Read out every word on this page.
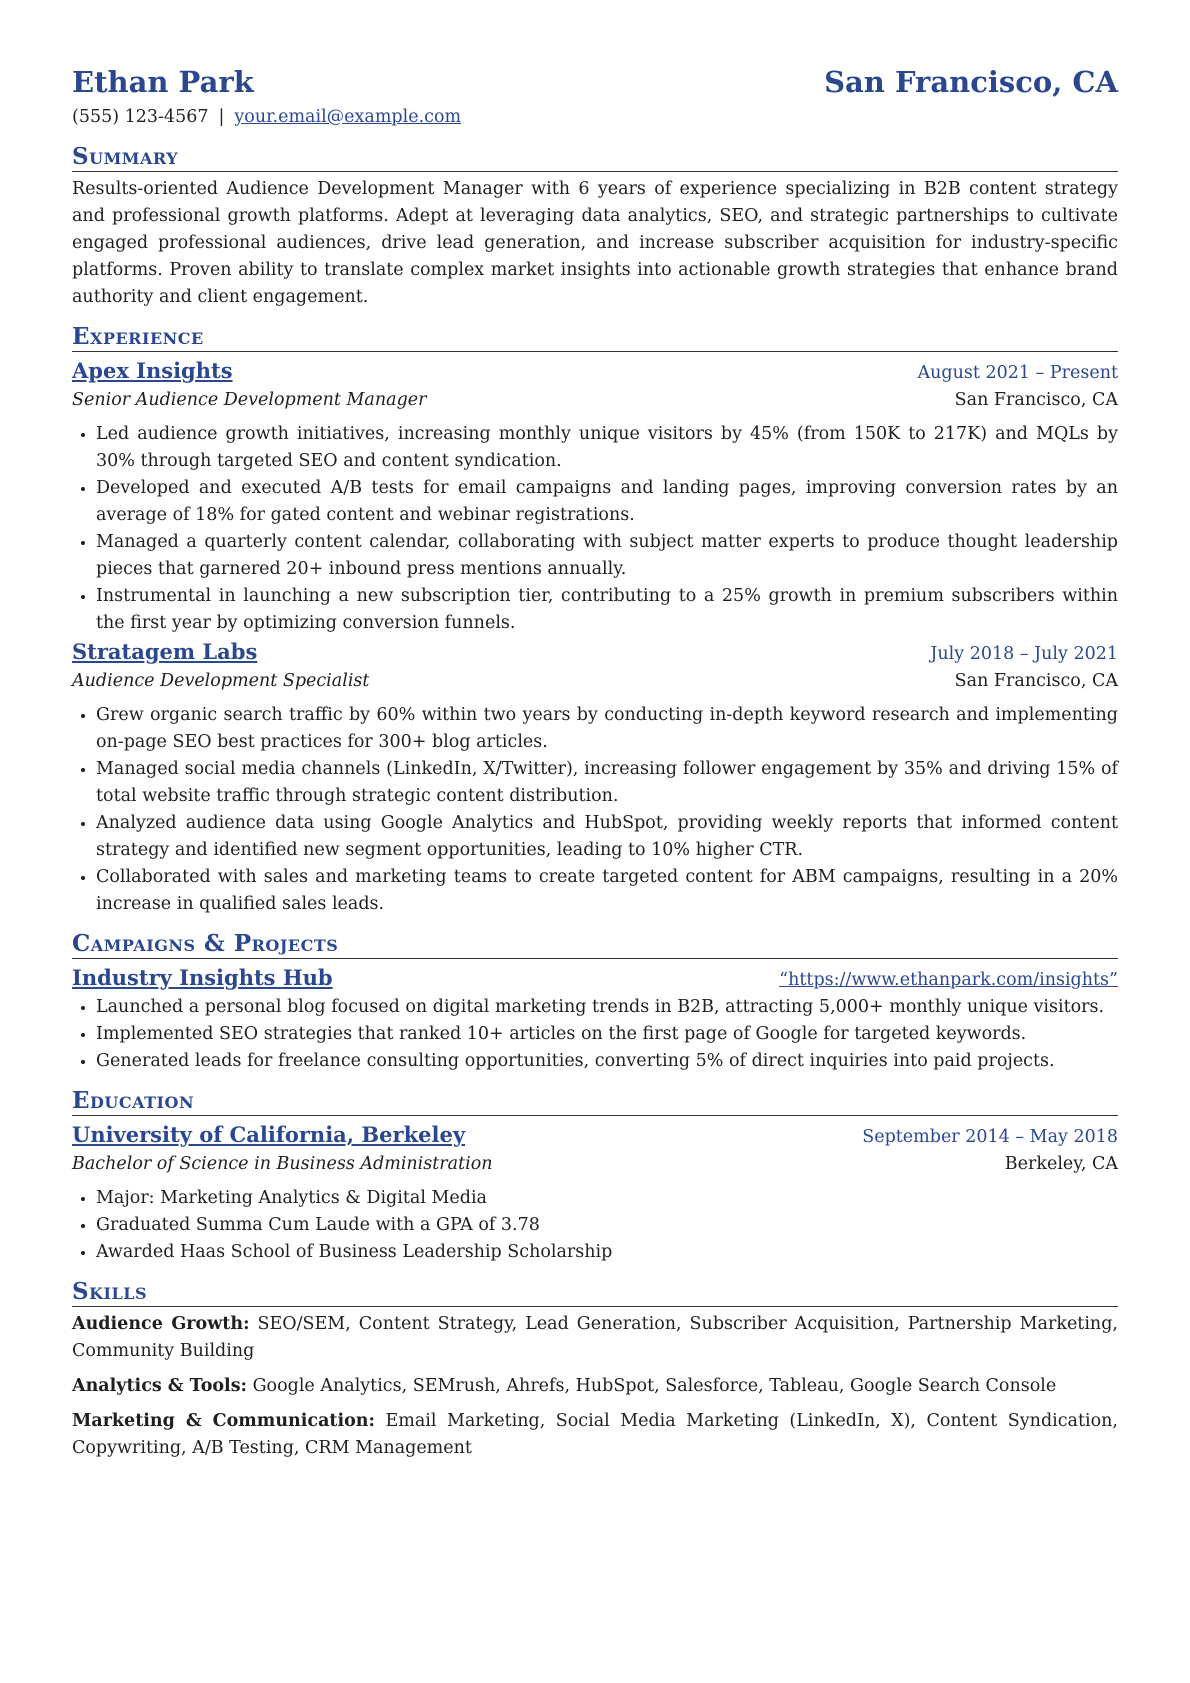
Ethan Park	San Francisco, CA
(555) 123-4567 | your.email@example.com
Summary
Results-oriented Audience Development Manager with 6 years of experience specializing in B2B content strategy and professional growth platforms. Adept at leveraging data analytics, SEO, and strategic partnerships to cultivate engaged professional audiences, drive lead generation, and increase subscriber acquisition for industry-specific platforms. Proven ability to translate complex market insights into actionable growth strategies that enhance brand authority and client engagement.
Experience
Apex Insights	August 2021 – Present
Senior Audience Development Manager	San Francisco, CA
• Led audience growth initiatives, increasing monthly unique visitors by 45% (from 150K to 217K) and MQLs by 30% through targeted SEO and content syndication.
• Developed and executed A/B tests for email campaigns and landing pages, improving conversion rates by an average of 18% for gated content and webinar registrations.
• Managed a quarterly content calendar, collaborating with subject matter experts to produce thought leadership pieces that garnered 20+ inbound press mentions annually.
• Instrumental in launching a new subscription tier, contributing to a 25% growth in premium subscribers within the first year by optimizing conversion funnels.
Stratagem Labs	July 2018 – July 2021
Audience Development Specialist	San Francisco, CA
• Grew organic search traffic by 60% within two years by conducting in-depth keyword research and implementing on-page SEO best practices for 300+ blog articles.
• Managed social media channels (LinkedIn, X/Twitter), increasing follower engagement by 35% and driving 15% of total website traffic through strategic content distribution.
• Analyzed audience data using Google Analytics and HubSpot, providing weekly reports that informed content strategy and identified new segment opportunities, leading to 10% higher CTR.
• Collaborated with sales and marketing teams to create targeted content for ABM campaigns, resulting in a 20% increase in qualified sales leads.
Campaigns & Projects
Industry Insights Hub	“https://www.ethanpark.com/insights”
• Launched a personal blog focused on digital marketing trends in B2B, attracting 5,000+ monthly unique visitors.
• Implemented SEO strategies that ranked 10+ articles on the first page of Google for targeted keywords.
• Generated leads for freelance consulting opportunities, converting 5% of direct inquiries into paid projects.
Education
University of California, Berkeley	September 2014 – May 2018
Bachelor of Science in Business Administration	Berkeley, CA
• Major: Marketing Analytics & Digital Media
• Graduated Summa Cum Laude with a GPA of 3.78
• Awarded Haas School of Business Leadership Scholarship
Skills
Audience Growth: SEO/SEM, Content Strategy, Lead Generation, Subscriber Acquisition, Partnership Marketing, Community Building
Analytics & Tools: Google Analytics, SEMrush, Ahrefs, HubSpot, Salesforce, Tableau, Google Search Console
Marketing & Communication: Email Marketing, Social Media Marketing (LinkedIn, X), Content Syndication, Copywriting, A/B Testing, CRM Management
